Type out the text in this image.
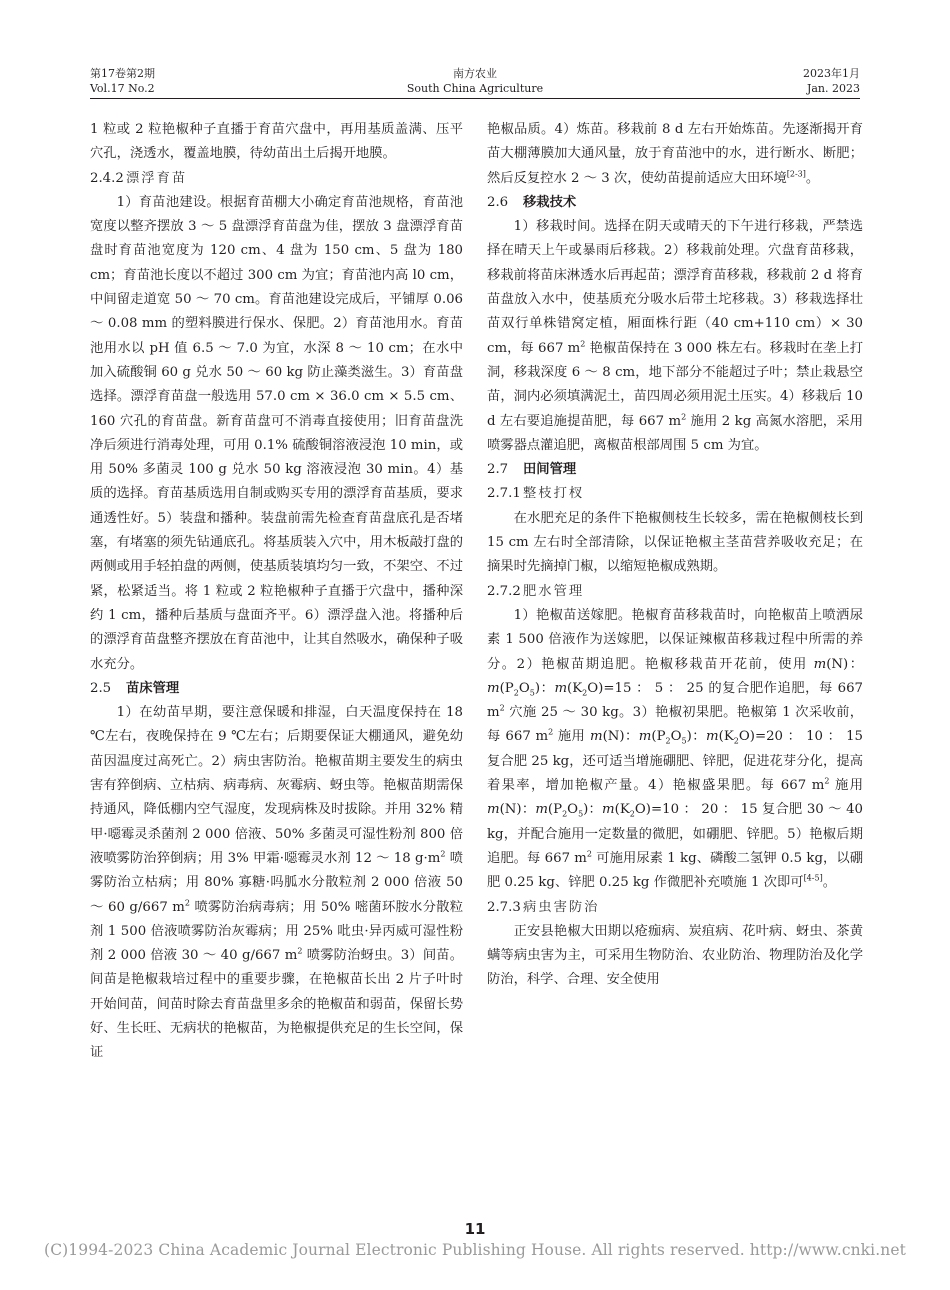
第17卷第2期
Vol.17 No.2
南方农业
South China Agriculture
2023年1月
Jan. 2023

1 粒或 2 粒艳椒种子直播于育苗穴盘中，再用基质盖满、压平穴孔，浇透水，覆盖地膜，待幼苗出土后揭开地膜。

2.4.2 漂浮育苗

1）育苗池建设。根据育苗棚大小确定育苗池规格，育苗池宽度以整齐摆放 3 ～ 5 盘漂浮育苗盘为佳，摆放 3 盘漂浮育苗盘时育苗池宽度为 120 cm、4 盘为 150 cm、5 盘为 180 cm；育苗池长度以不超过 300 cm 为宜；育苗池内高 l0 cm，中间留走道宽 50 ～ 70 cm。育苗池建设完成后，平铺厚 0.06 ～ 0.08 mm 的塑料膜进行保水、保肥。2）育苗池用水。育苗池用水以 pH 值 6.5 ～ 7.0 为宜，水深 8 ～ 10 cm；在水中加入硫酸铜 60 g 兑水 50 ～ 60 kg 防止藻类滋生。3）育苗盘选择。漂浮育苗盘一般选用 57.0 cm × 36.0 cm × 5.5 cm、160 穴孔的育苗盘。新育苗盘可不消毒直接使用；旧育苗盘洗净后须进行消毒处理，可用 0.1% 硫酸铜溶液浸泡 10 min，或用 50% 多菌灵 100 g 兑水 50 kg 溶液浸泡 30 min。4）基质的选择。育苗基质选用自制或购买专用的漂浮育苗基质，要求通透性好。5）装盘和播种。装盘前需先检查育苗盘底孔是否堵塞，有堵塞的须先钻通底孔。将基质装入穴中，用木板敲打盘的两侧或用手轻拍盘的两侧，使基质装填均匀一致，不架空、不过紧，松紧适当。将 1 粒或 2 粒艳椒种子直播于穴盘中，播种深约 1 cm，播种后基质与盘面齐平。6）漂浮盘入池。将播种后的漂浮育苗盘整齐摆放在育苗池中，让其自然吸水，确保种子吸水充分。

2.5 苗床管理

1）在幼苗早期，要注意保暖和排湿，白天温度保持在 18 ℃左右，夜晚保持在 9 ℃左右；后期要保证大棚通风，避免幼苗因温度过高死亡。2）病虫害防治。艳椒苗期主要发生的病虫害有猝倒病、立枯病、病毒病、灰霉病、蚜虫等。艳椒苗期需保持通风，降低棚内空气湿度，发现病株及时拔除。并用 32% 精甲·噁霉灵杀菌剂 2 000 倍液、50% 多菌灵可湿性粉剂 800 倍液喷雾防治猝倒病；用 3% 甲霜·噁霉灵水剂 12 ～ 18 $g\cdot m^2$ 喷雾防治立枯病；用 80% 寡糖·吗胍水分散粒剂 2 000 倍液 50 ～ 60 g/667 $m^2$ 喷雾防治病毒病；用 50% 嘧菌环胺水分散粒剂 1 500 倍液喷雾防治灰霉病；用 25% 吡虫·异丙威可湿性粉剂 2 000 倍液 30 ～ 40 g/667 $m^2$ 喷雾防治蚜虫。3）间苗。间苗是艳椒栽培过程中的重要步骤，在艳椒苗长出 2 片子叶时开始间苗，间苗时除去育苗盘里多余的艳椒苗和弱苗，保留长势好、生长旺、无病状的艳椒苗，为艳椒提供充足的生长空间，保证

艳椒品质。4）炼苗。移栽前 8 d 左右开始炼苗。先逐渐揭开育苗大棚薄膜加大通风量，放于育苗池中的水，进行断水、断肥；然后反复控水 2 ～ 3 次，使幼苗提前适应大田环境[2-3]。

2.6 移栽技术

1）移栽时间。选择在阴天或晴天的下午进行移栽，严禁选择在晴天上午或暴雨后移栽。2）移栽前处理。穴盘育苗移栽，移栽前将苗床淋透水后再起苗；漂浮育苗移栽，移栽前 2 d 将育苗盘放入水中，使基质充分吸水后带土坨移栽。3）移栽选择壮苗双行单株错窝定植，厢面株行距（40 cm+110 cm）× 30 cm，每 667 $m^2$ 艳椒苗保持在 3 000 株左右。移栽时在垄上打洞，移栽深度 6 ～ 8 cm，地下部分不能超过子叶；禁止栽悬空苗，洞内必须填满泥土，苗四周必须用泥土压实。4）移栽后 10 d 左右要追施提苗肥，每 667 $m^2$ 施用 2 kg 高氮水溶肥，采用喷雾器点灌追肥，离椒苗根部周围 5 cm 为宜。

2.7 田间管理
2.7.1 整枝打杈

在水肥充足的条件下艳椒侧枝生长较多，需在艳椒侧枝长到 15 cm 左右时全部清除，以保证艳椒主茎苗营养吸收充足；在摘果时先摘掉门椒，以缩短艳椒成熟期。

2.7.2 肥水管理

1）艳椒苗送嫁肥。艳椒育苗移栽苗时，向艳椒苗上喷洒尿素 1 500 倍液作为送嫁肥，以保证辣椒苗移栽过程中所需的养分。2）艳椒苗期追肥。艳椒移栽苗开花前，使用 m(N)：$m(P_2O_5)$：$m(K_2O)=15$ ： 5 ： 25 的复合肥作追肥，每 667 $m^2$ 穴施 25 ～ 30 kg。3）艳椒初果肥。艳椒第 1 次采收前，每 667 $m^2$ 施用 m(N)：$m(P_2O_5)$：$m(K_2O)=20$ ： 10 ： 15 复合肥 25 kg，还可适当增施硼肥、锌肥，促进花芽分化，提高着果率，增加艳椒产量。4）艳椒盛果肥。每 667 $m^2$ 施用 m(N)：$m(P_2O_5)$：$m(K_2O)=10$ ： 20 ： 15 复合肥 30 ～ 40 kg，并配合施用一定数量的微肥，如硼肥、锌肥。5）艳椒后期追肥。每 667 $m^2$ 可施用尿素 1 kg、磷酸二氢钾 0.5 kg，以硼肥 0.25 kg、锌肥 0.25 kg 作微肥补充喷施 1 次即可[4-5]。

2.7.3 病虫害防治

正安县艳椒大田期以疮痂病、炭疽病、花叶病、蚜虫、茶黄螨等病虫害为主，可采用生物防治、农业防治、物理防治及化学防治，科学、合理、安全使用

11
(C)1994-2023 China Academic Journal Electronic Publishing House. All rights reserved. http://www.cnki.net
